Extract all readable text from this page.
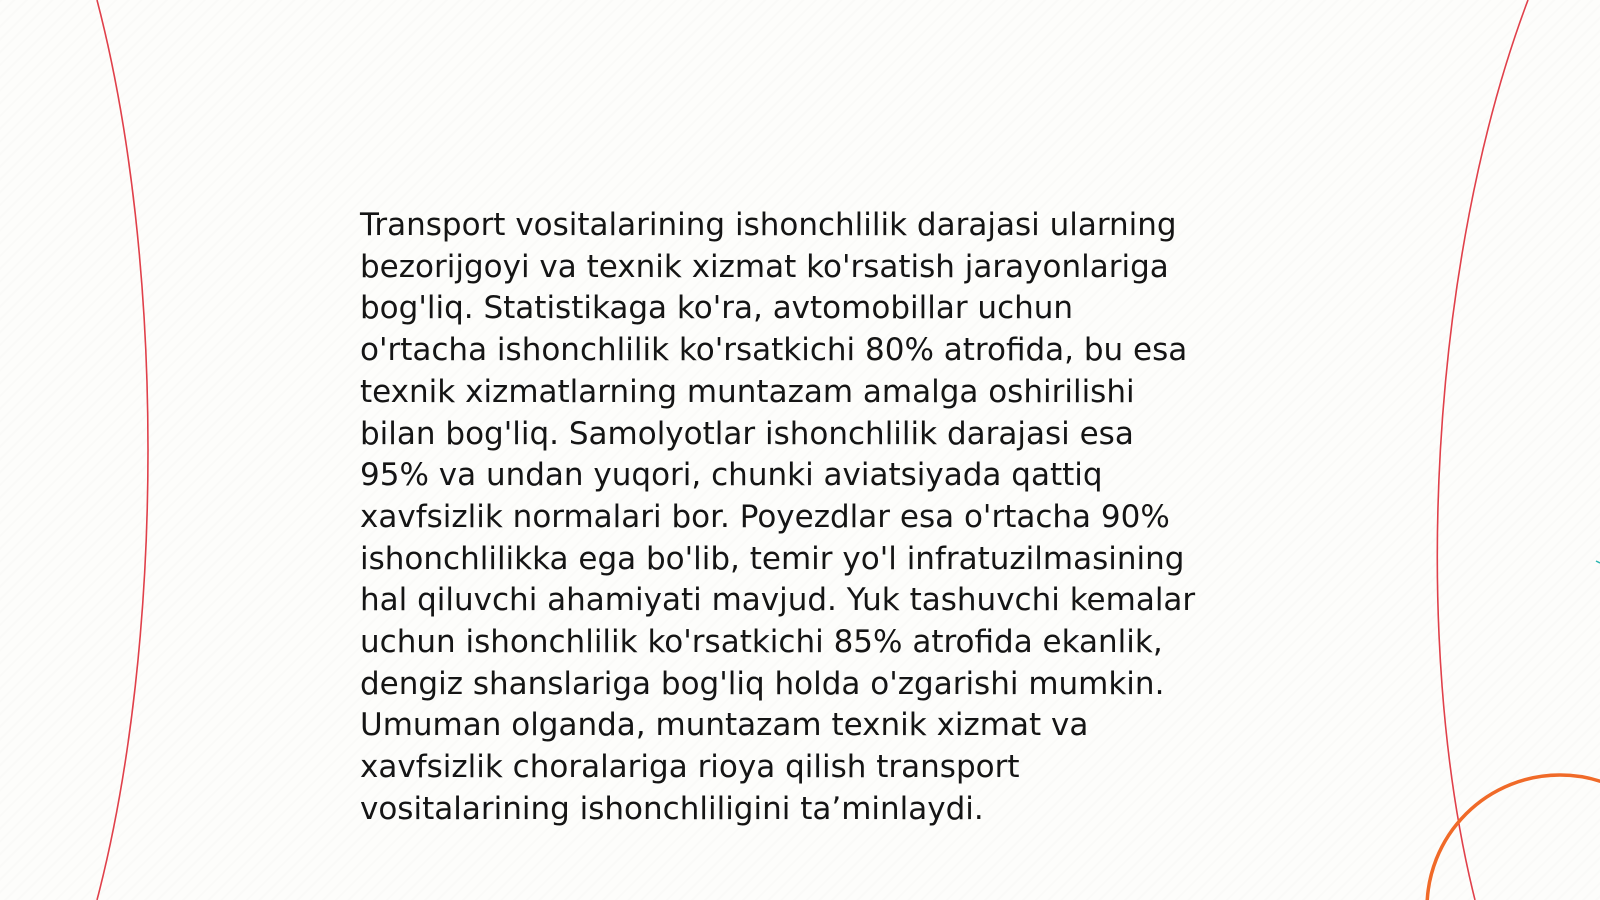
Transport vositalarining ishonchlilik darajasi ularning
bezorijgoyi va texnik xizmat ko'rsatish jarayonlariga
bog'liq. Statistikaga ko'ra, avtomobillar uchun
o'rtacha ishonchlilik ko'rsatkichi 80% atrofida, bu esa
texnik xizmatlarning muntazam amalga oshirilishi
bilan bog'liq. Samolyotlar ishonchlilik darajasi esa
95% va undan yuqori, chunki aviatsiyada qattiq
xavfsizlik normalari bor. Poyezdlar esa o'rtacha 90%
ishonchlilikka ega bo'lib, temir yo'l infratuzilmasining
hal qiluvchi ahamiyati mavjud. Yuk tashuvchi kemalar
uchun ishonchlilik ko'rsatkichi 85% atrofida ekanlik,
dengiz shanslariga bog'liq holda o'zgarishi mumkin.
Umuman olganda, muntazam texnik xizmat va
xavfsizlik choralariga rioya qilish transport
vositalarining ishonchliligini ta’minlaydi.
